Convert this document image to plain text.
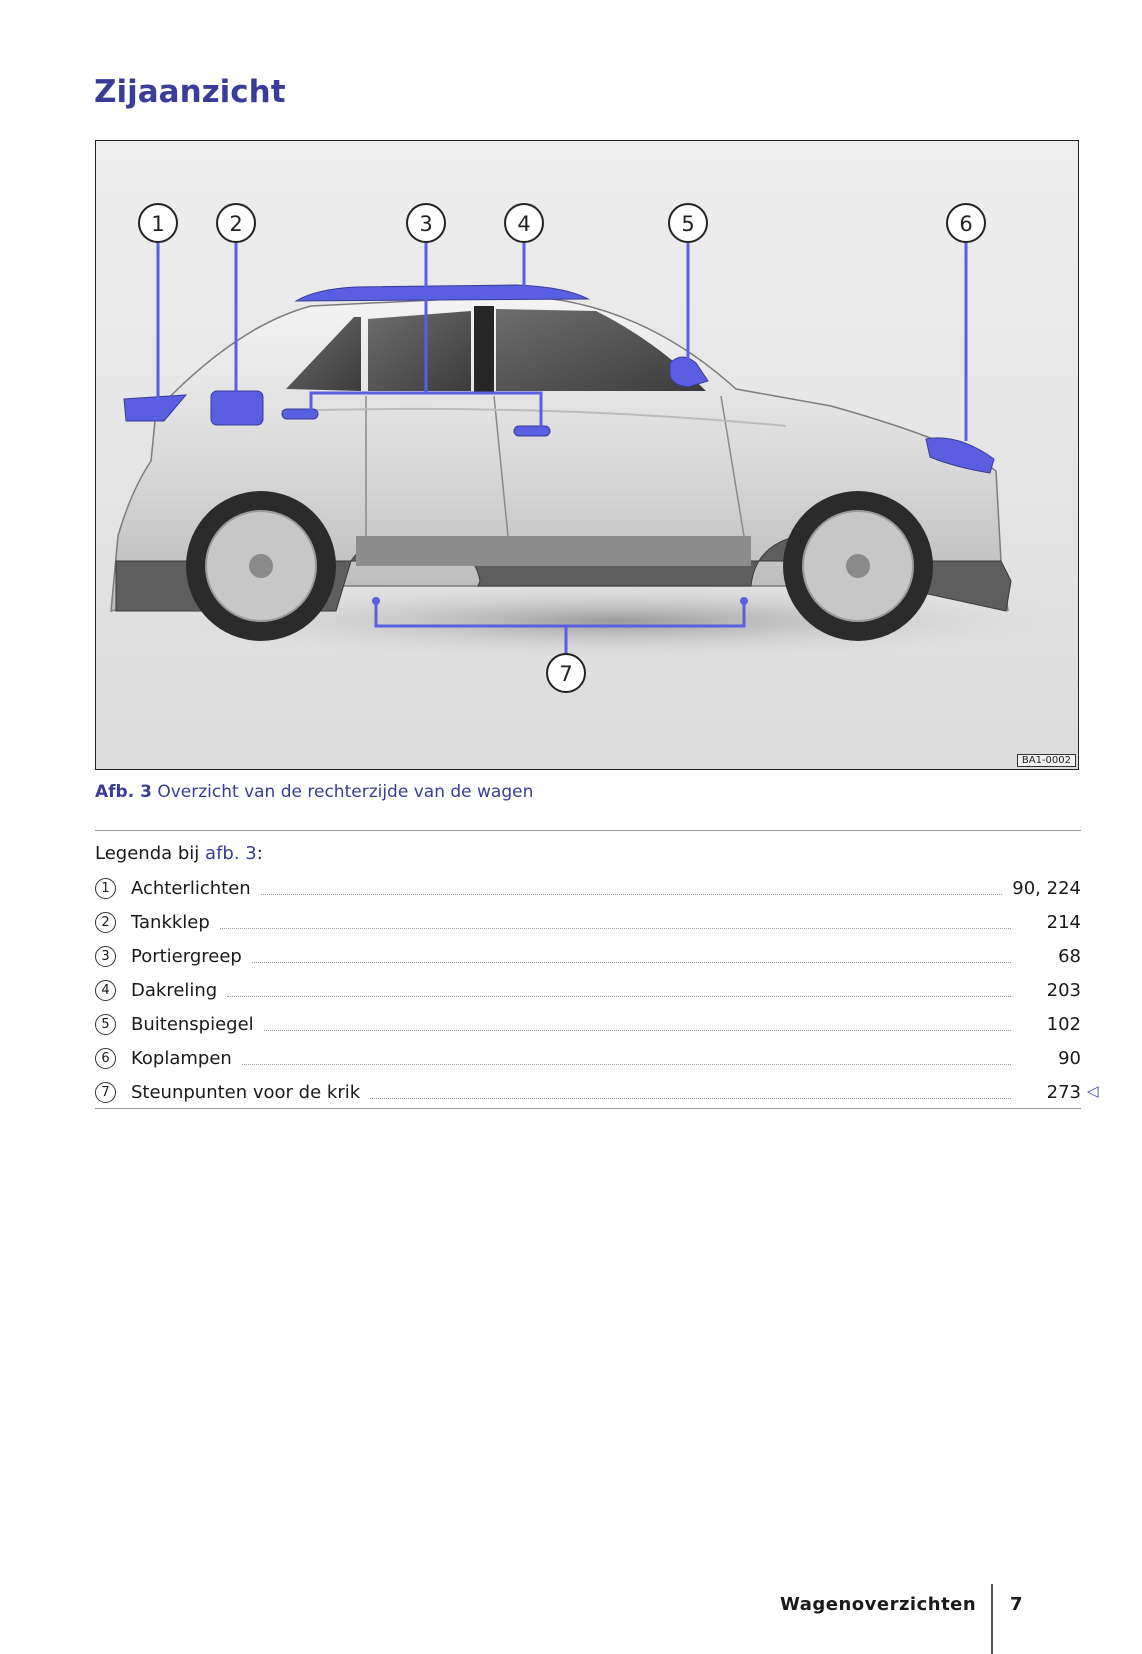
Zijaanzicht
1	2	3	4	5	6
7
BA1-0002
Afb. 3 Overzicht van de rechterzijde van de wagen
Legenda bij afb. 3:
1	Achterlichten	90, 224
2	Tankklep	214
3	Portiergreep	68
4	Dakreling	203
5	Buitenspiegel	102
6	Koplampen	90
7	Steunpunten voor de krik	273 ◁
Wagenoverzichten 7
